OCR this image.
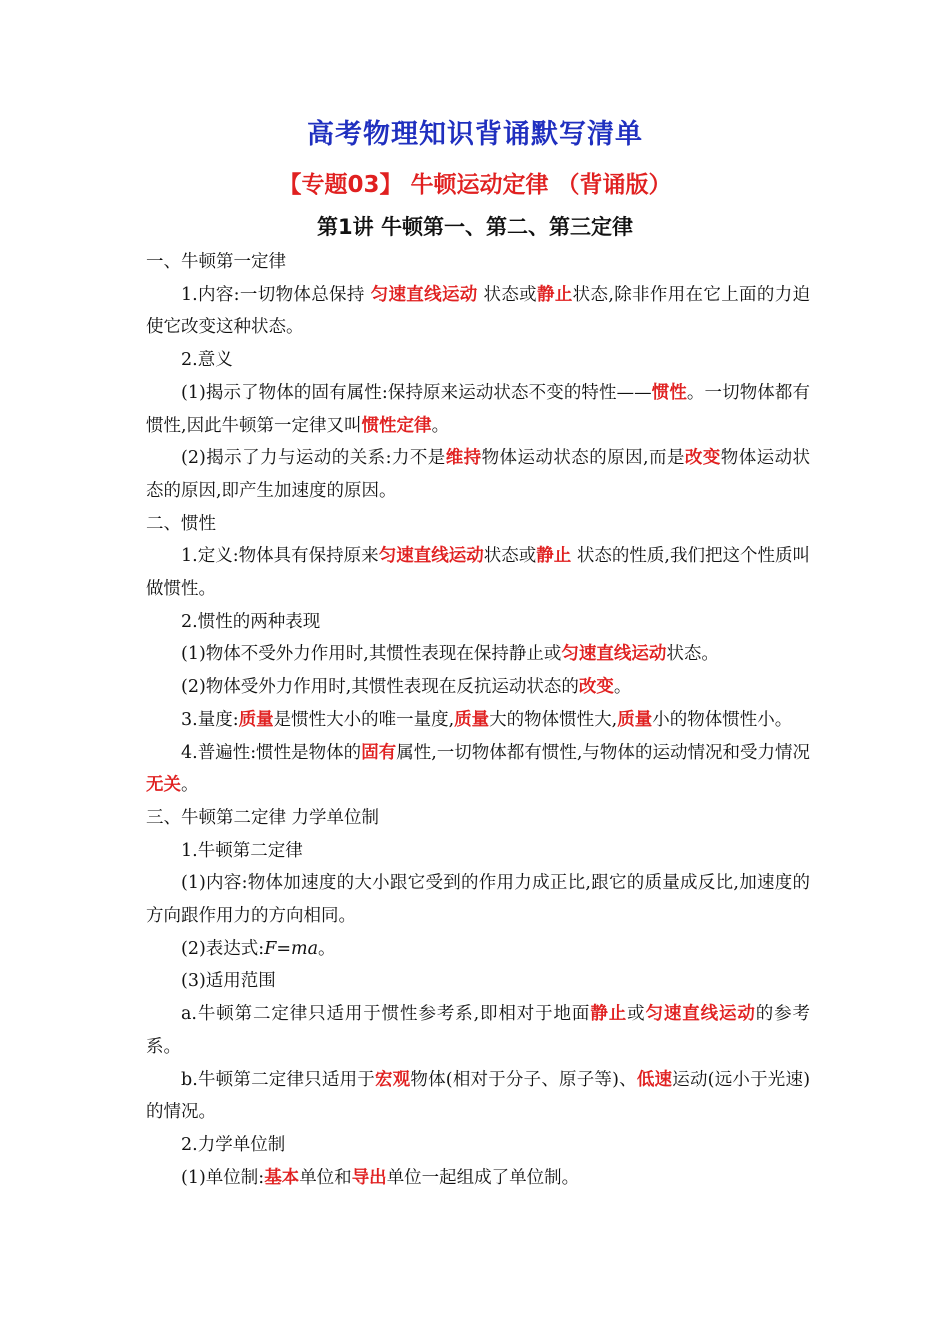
高考物理知识背诵默写清单
【专题03】 牛顿运动定律 （背诵版）
第1讲 牛顿第一、第二、第三定律

一、牛顿第一定律

1.内容:一切物体总保持 匀速直线运动 状态或静止状态,除非作用在它上面的力迫使它改变这种状态。

2.意义

(1)揭示了物体的固有属性:保持原来运动状态不变的特性——惯性。一切物体都有惯性,因此牛顿第一定律又叫惯性定律。

(2)揭示了力与运动的关系:力不是维持物体运动状态的原因,而是改变物体运动状态的原因,即产生加速度的原因。

二、惯性

1.定义:物体具有保持原来匀速直线运动状态或静止 状态的性质,我们把这个性质叫做惯性。

2.惯性的两种表现

(1)物体不受外力作用时,其惯性表现在保持静止或匀速直线运动状态。

(2)物体受外力作用时,其惯性表现在反抗运动状态的改变。

3.量度:质量是惯性大小的唯一量度,质量大的物体惯性大,质量小的物体惯性小。

4.普遍性:惯性是物体的固有属性,一切物体都有惯性,与物体的运动情况和受力情况无关。

三、牛顿第二定律 力学单位制

1.牛顿第二定律

(1)内容:物体加速度的大小跟它受到的作用力成正比,跟它的质量成反比,加速度的方向跟作用力的方向相同。

(2)表达式:F=ma。

(3)适用范围

a.牛顿第二定律只适用于惯性参考系,即相对于地面静止或匀速直线运动的参考系。

b.牛顿第二定律只适用于宏观物体(相对于分子、原子等)、低速运动(远小于光速)的情况。

2.力学单位制

(1)单位制:基本单位和导出单位一起组成了单位制。
